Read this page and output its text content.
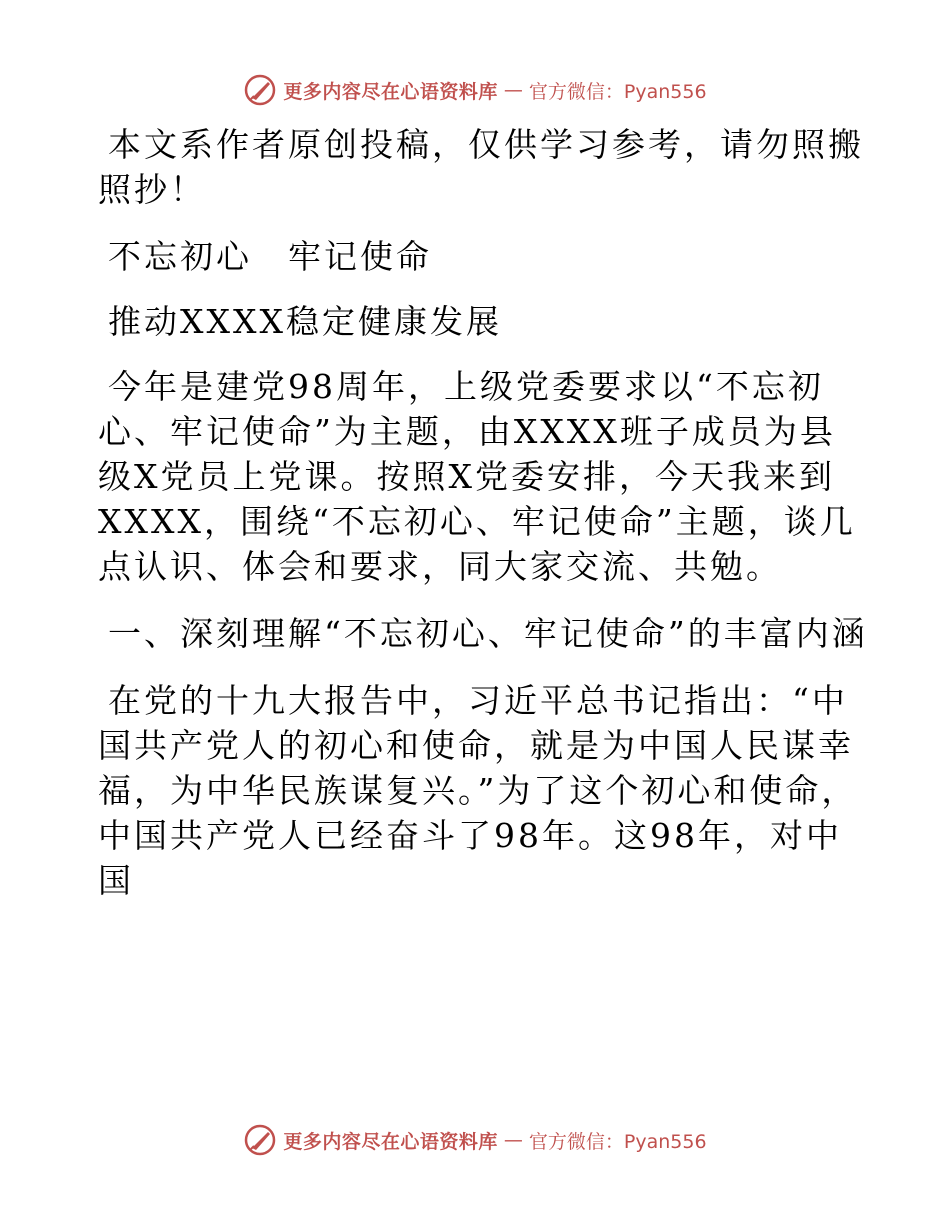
更多内容尽在心语资料库 — 官方微信：Pyan556

本文系作者原创投稿，仅供学习参考，请勿照搬照抄！

不忘初心　牢记使命

推动XXXX稳定健康发展

今年是建党98周年，上级党委要求以“不忘初心、牢记使命”为主题，由XXXX班子成员为县级X党员上党课。按照X党委安排，今天我来到XXXX，围绕“不忘初心、牢记使命”主题，谈几点认识、体会和要求，同大家交流、共勉。

一、深刻理解“不忘初心、牢记使命”的丰富内涵

在党的十九大报告中，习近平总书记指出：“中国共产党人的初心和使命，就是为中国人民谋幸福，为中华民族谋复兴。”为了这个初心和使命，中国共产党人已经奋斗了98年。这98年，对中国

更多内容尽在心语资料库 — 官方微信：Pyan556
